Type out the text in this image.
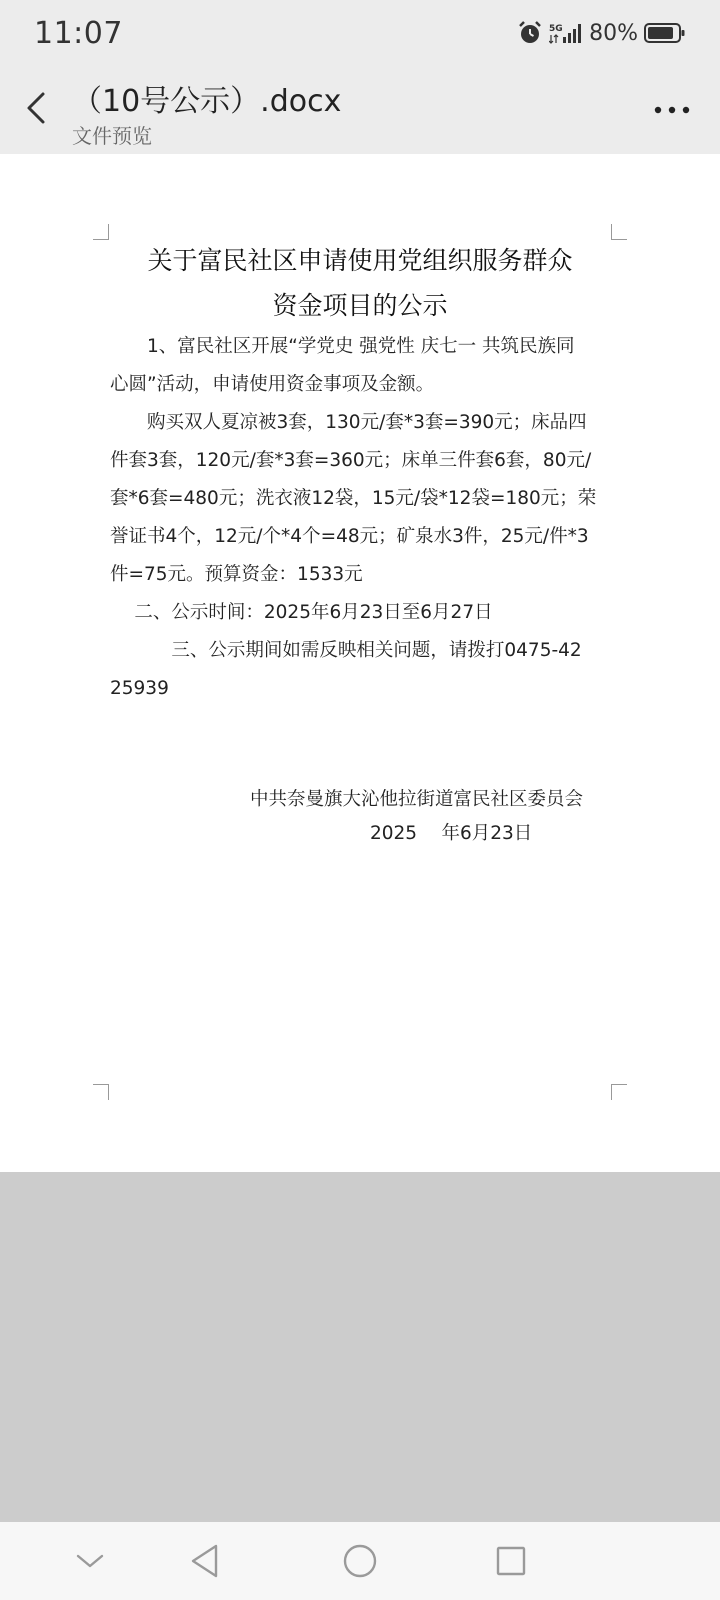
11:07	5G 80%
（10号公示）.docx
文件预览
关于富民社区申请使用党组织服务群众
资金项目的公示
　　1、富民社区开展“学党史 强党性 庆七一 共筑民族同
心圆”活动，申请使用资金事项及金额。
　　购买双人夏凉被3套，130元/套*3套=390元；床品四
件套3套，120元/套*3套=360元；床单三件套6套，80元/
套*6套=480元；洗衣液12袋，15元/袋*12袋=180元；荣
誉证书4个，12元/个*4个=48元；矿泉水3件，25元/件*3
件=75元。预算资金：1533元
　 二、公示时间：2025年6月23日至6月27日
　　　 三、公示期间如需反映相关问题，请拨打0475-42
25939
中共奈曼旗大沁他拉街道富民社区委员会
2025　 年6月23日
